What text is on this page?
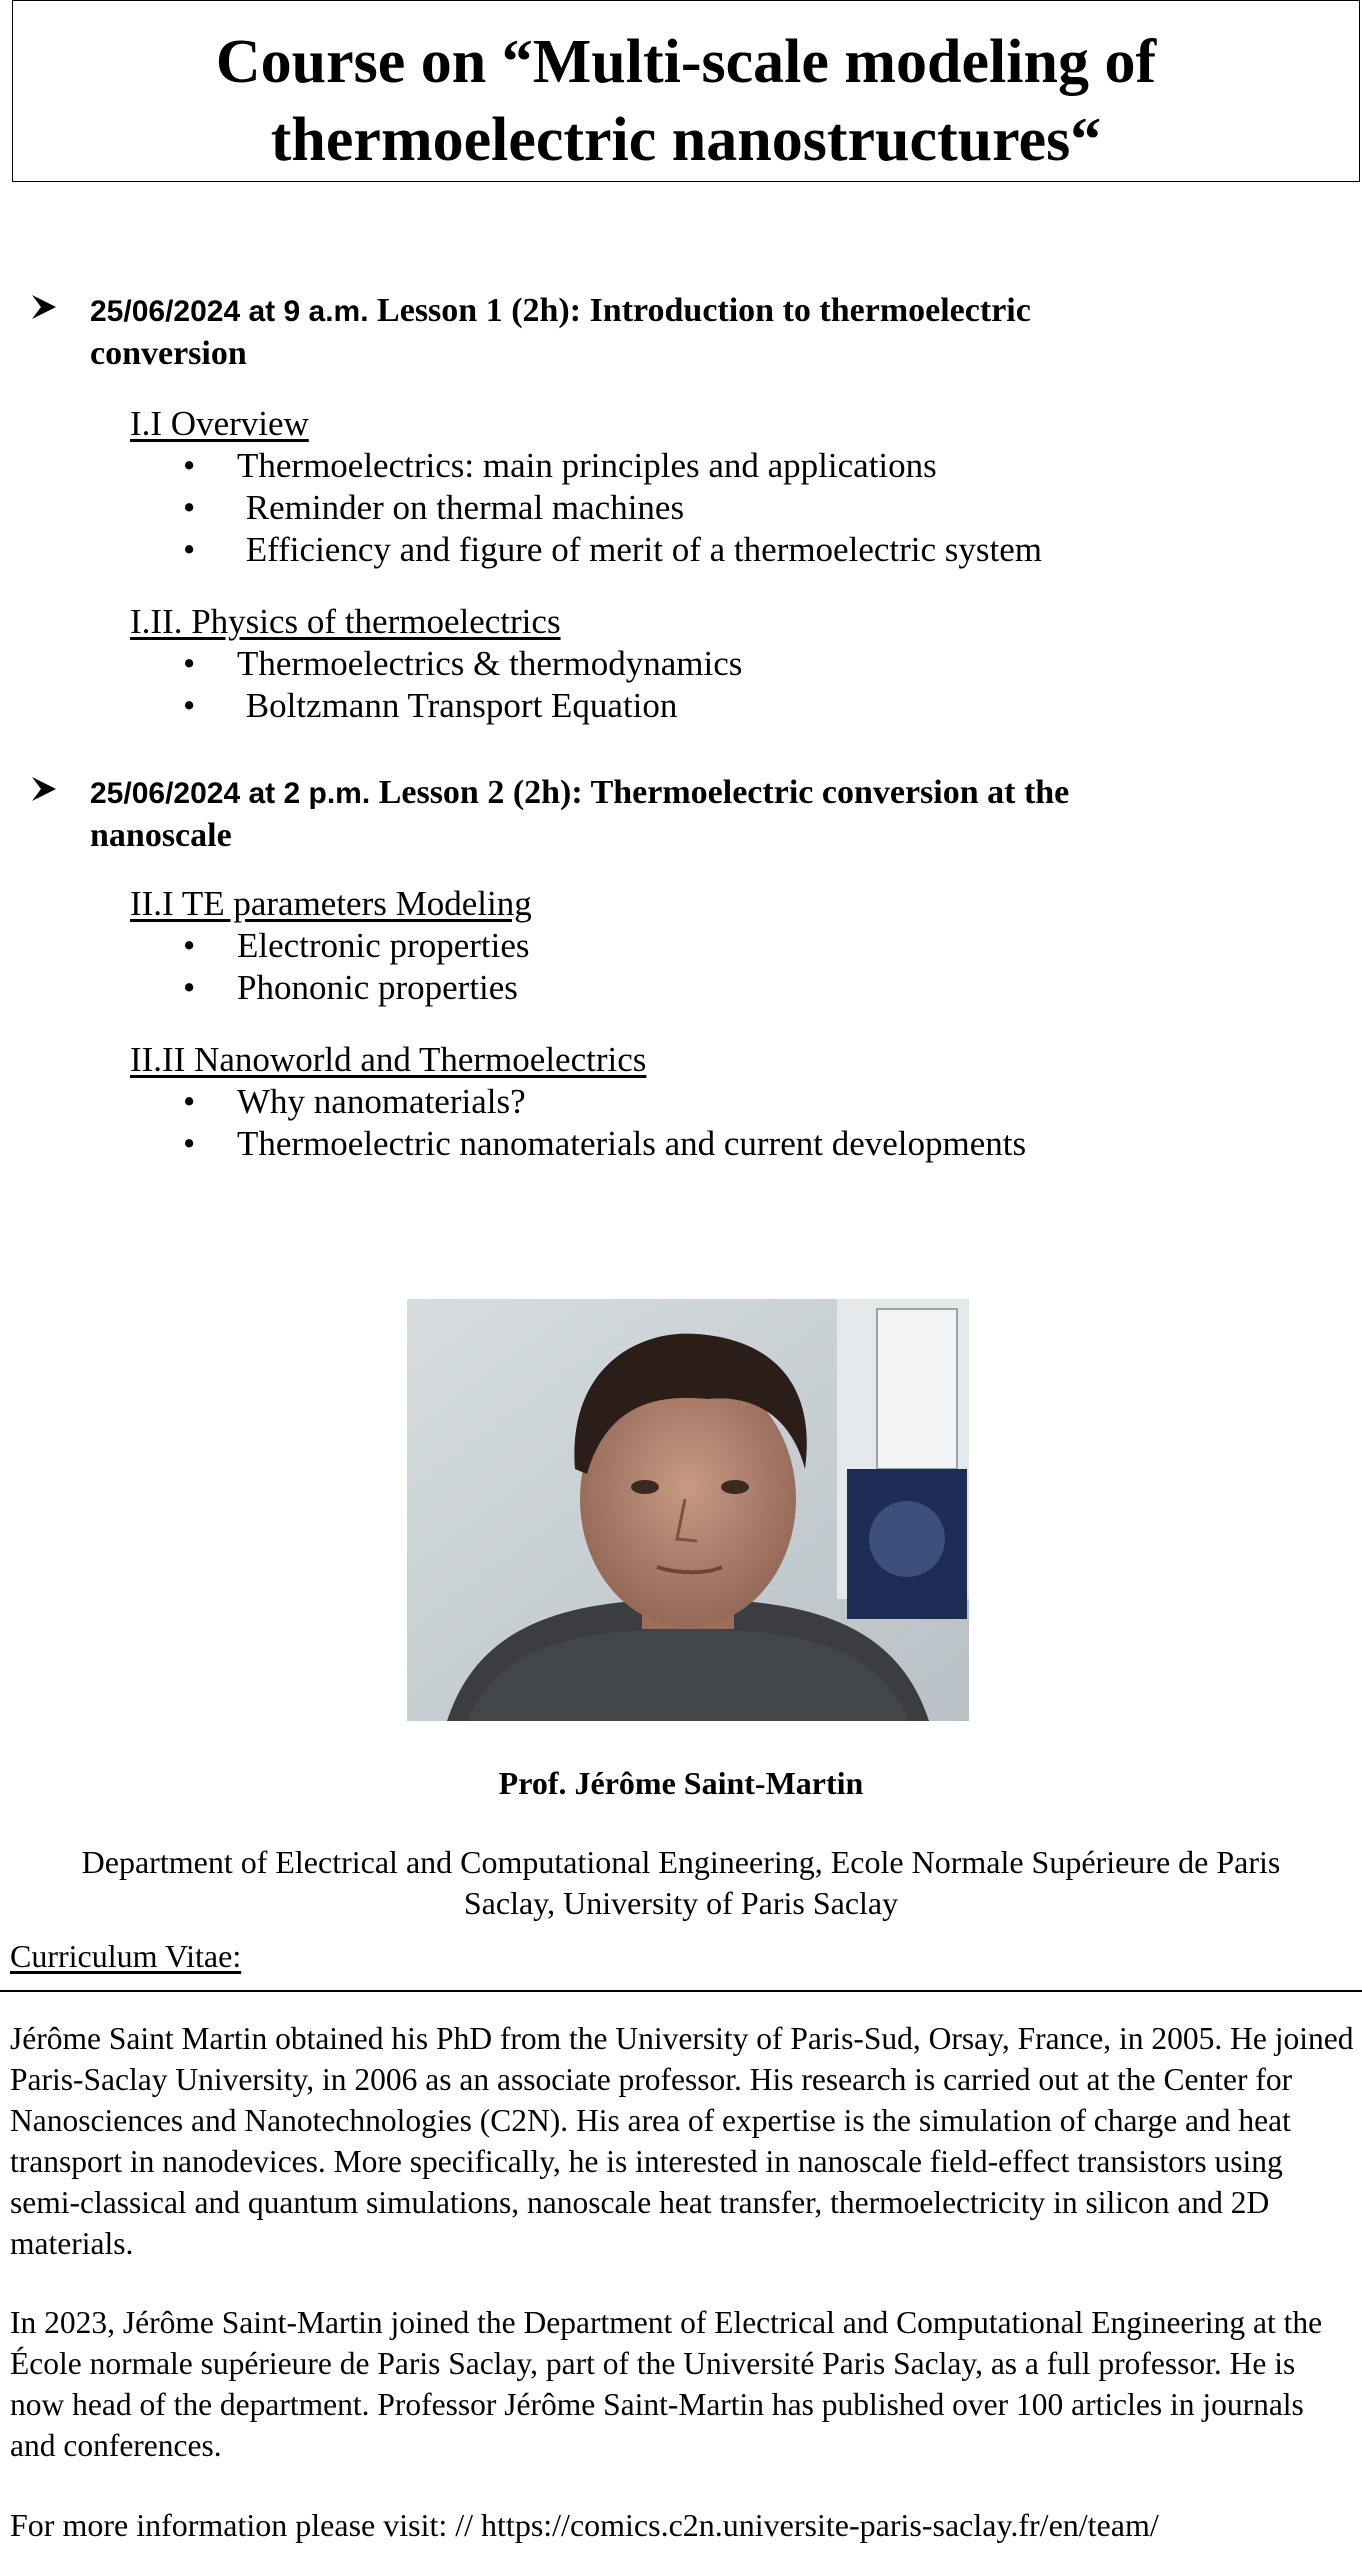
Course on “Multi-scale modeling of
thermoelectric nanostructures“
25/06/2024 at 9 a.m. Lesson 1 (2h): Introduction to thermoelectric
conversion
I.I Overview
• Thermoelectrics: main principles and applications
• Reminder on thermal machines
• Efficiency and figure of merit of a thermoelectric system
I.II. Physics of thermoelectrics
• Thermoelectrics & thermodynamics
• Boltzmann Transport Equation
25/06/2024 at 2 p.m. Lesson 2 (2h): Thermoelectric conversion at the
nanoscale
II.I TE parameters Modeling
• Electronic properties
• Phononic properties
II.II Nanoworld and Thermoelectrics
• Why nanomaterials?
• Thermoelectric nanomaterials and current developments
Prof. Jérôme Saint-Martin
Department of Electrical and Computational Engineering, Ecole Normale Supérieure de Paris
Saclay, University of Paris Saclay
Curriculum Vitae:
Jérôme Saint Martin obtained his PhD from the University of Paris-Sud, Orsay, France, in 2005. He joined Paris-Saclay University, in 2006 as an associate professor. His research is carried out at the Center for Nanosciences and Nanotechnologies (C2N). His area of expertise is the simulation of charge and heat transport in nanodevices. More specifically, he is interested in nanoscale field-effect transistors using semi-classical and quantum simulations, nanoscale heat transfer, thermoelectricity in silicon and 2D materials.
In 2023, Jérôme Saint-Martin joined the Department of Electrical and Computational Engineering at the École normale supérieure de Paris Saclay, part of the Université Paris Saclay, as a full professor. He is now head of the department. Professor Jérôme Saint-Martin has published over 100 articles in journals and conferences.
For more information please visit: // https://comics.c2n.universite-paris-saclay.fr/en/team/
